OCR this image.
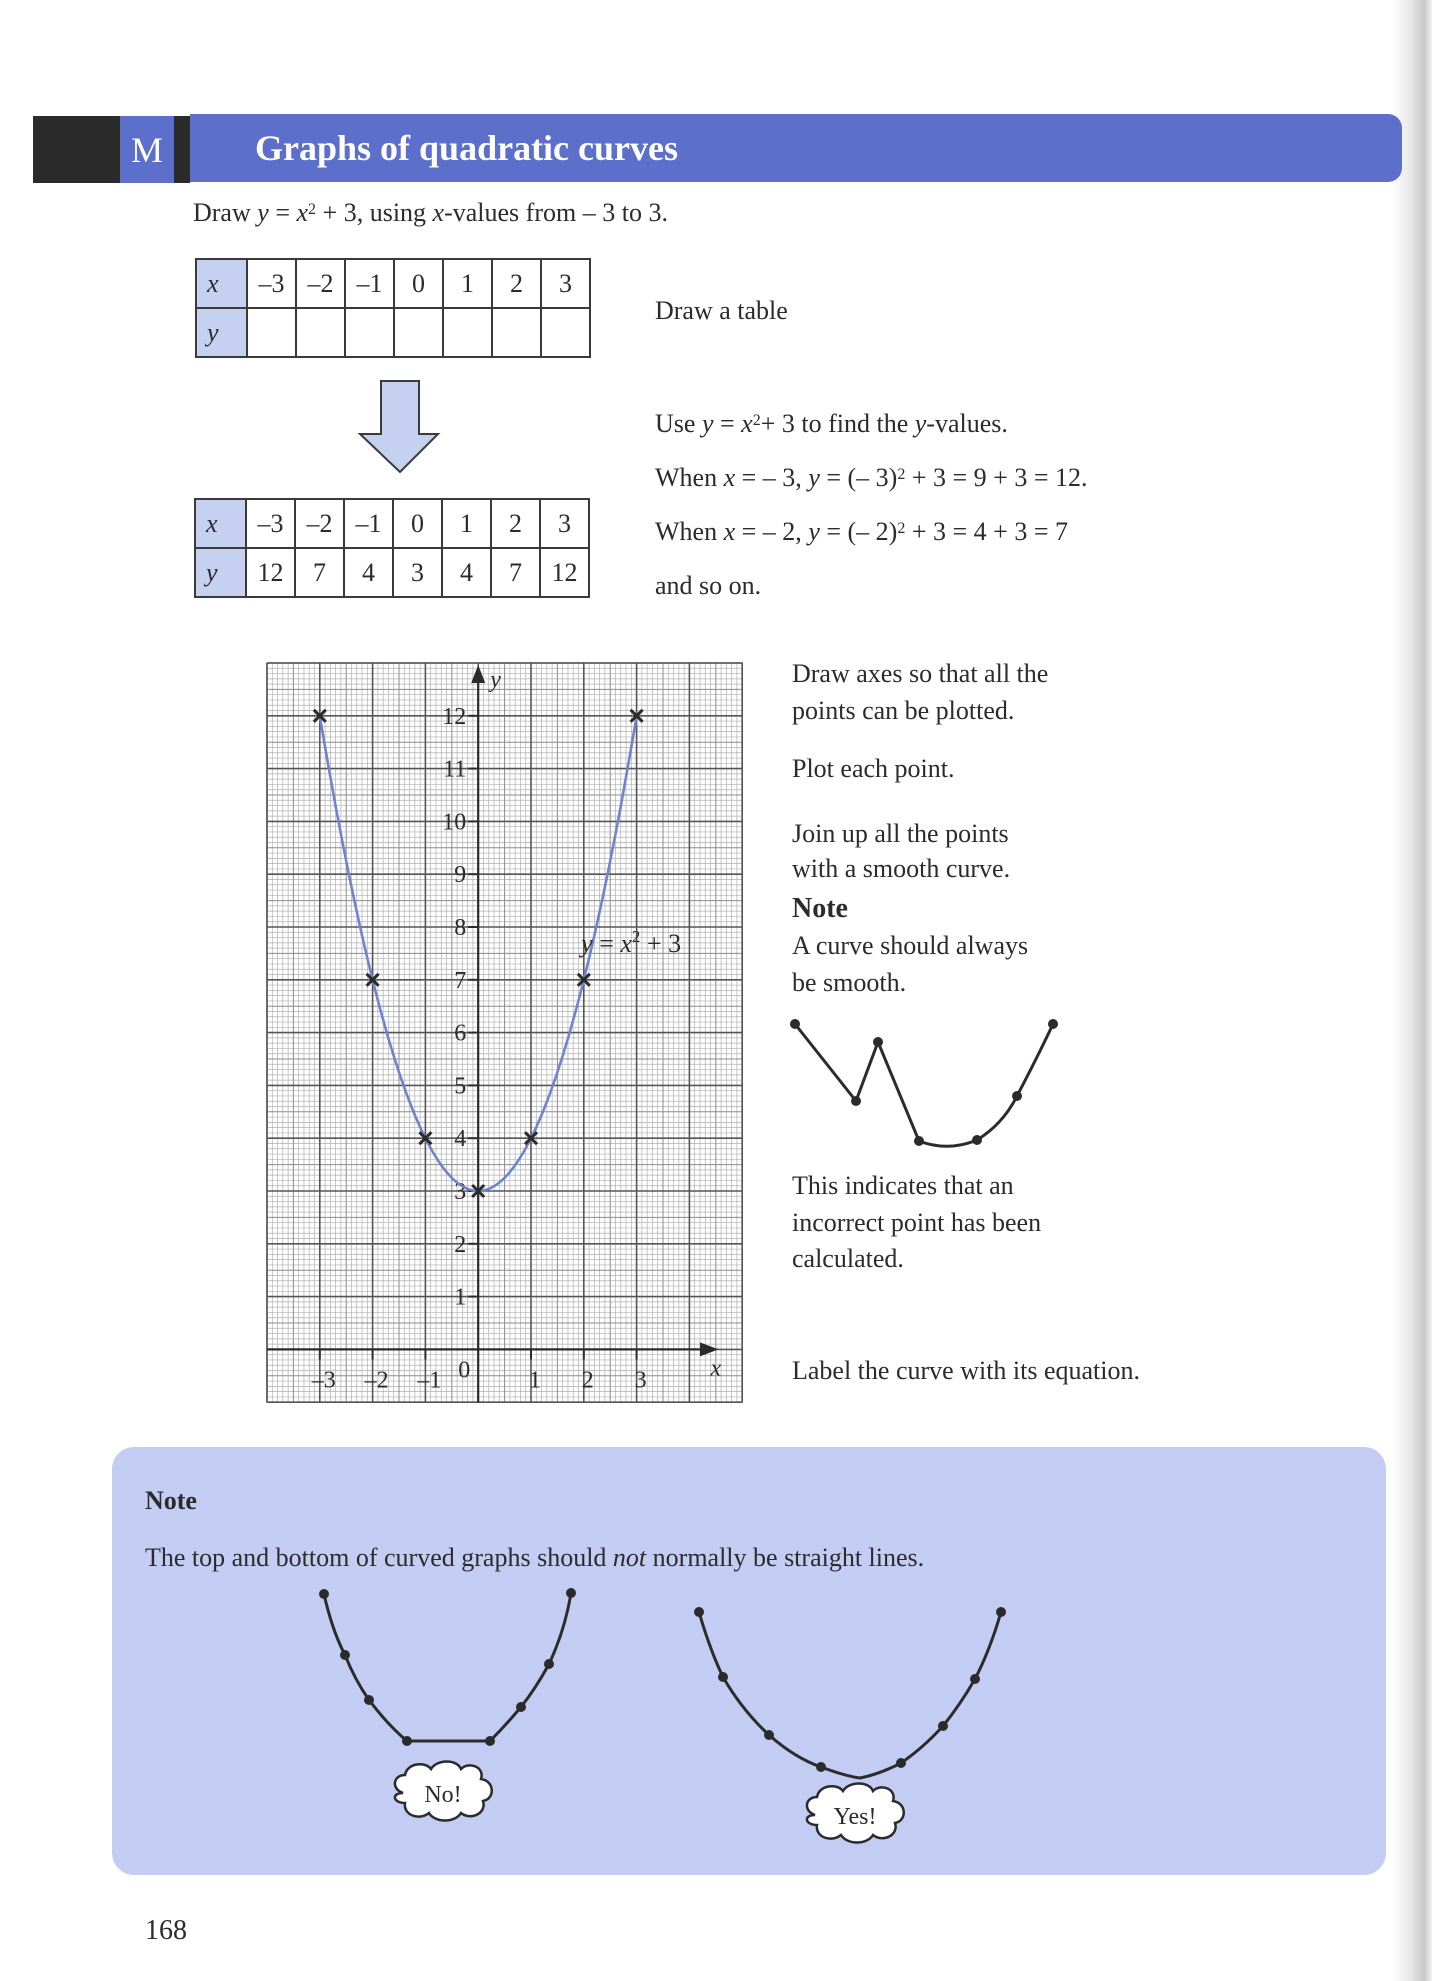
M	Graphs of quadratic curves
Draw $y = x^2 + 3$, using x-values from – 3 to 3.
x	–3	–2	–1	0	1	2	3
y							
x	–3	–2	–1	0	1	2	3
y	12	7	4	3	4	7	12
Draw a table
Use $y = x^2+ 3$ to find the y-values.
When x = – 3, y = (– 3)$^2$ + 3 = 9 + 3 = 12.
When x = – 2, y = (– 2)$^2$ + 3 = 4 + 3 = 7
and so on.
1
2
3
4
5
6
7
8
9
10
11
12
–3 –2 –1 0 1 2 3
y
x
$y = x^2 + 3$
Draw axes so that all the
points can be plotted.
Plot each point.
Join up all the points
with a smooth curve.
Note
A curve should always
be smooth.
This indicates that an
incorrect point has been
calculated.
Label the curve with its equation.
Note
The top and bottom of curved graphs should not normally be straight lines.
No!
Yes!
168
